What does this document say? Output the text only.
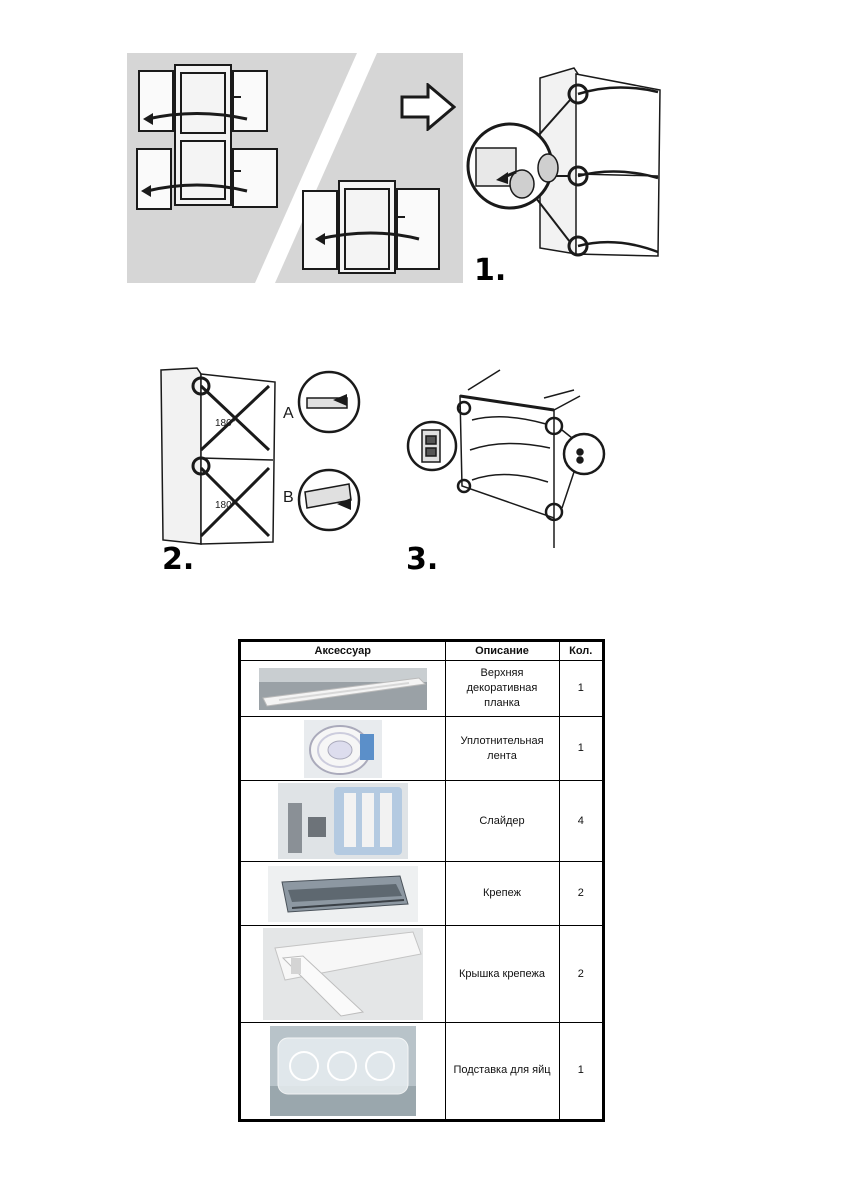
1.
180°
180°
A
B
2.	3.
Аксессуар	Описание	Кол.

	Верхняя декоративная планка	1

	Уплотнительная лента	1

	Слайдер	4

	Крепеж	2

	Крышка крепежа	2

	Подставка для яйц	1
